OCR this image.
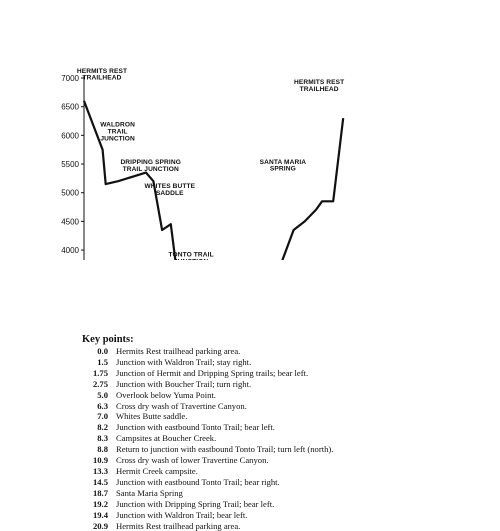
4000
4500
5000
5500
6000
6500
7000
HERMITS REST TRAILHEAD
WALDRON TRAIL JUNCTION
DRIPPING SPRING TRAIL JUNCTION
WHITES BUTTE SADDLE
TONTO TRAIL
SANTA MARIA SPRING
HERMITS REST TRAILHEAD
Key points:
0.0 Hermits Rest trailhead parking area.
1.5 Junction with Waldron Trail; stay right.
1.75 Junction of Hermit and Dripping Spring trails; bear left.
2.75 Junction with Boucher Trail; turn right.
5.0 Overlook below Yuma Point.
6.3 Cross dry wash of Travertine Canyon.
7.0 Whites Butte saddle.
8.2 Junction with eastbound Tonto Trail; bear left.
8.3 Campsites at Boucher Creek.
8.8 Return to junction with eastbound Tonto Trail; turn left (north).
10.9 Cross dry wash of lower Travertine Canyon.
13.3 Hermit Creek campsite.
14.5 Junction with eastbound Tonto Trail; bear right.
18.7 Santa Maria Spring
19.2 Junction with Dripping Spring Trail; bear left.
19.4 Junction with Waldron Trail; bear left.
20.9 Hermits Rest trailhead parking area.
